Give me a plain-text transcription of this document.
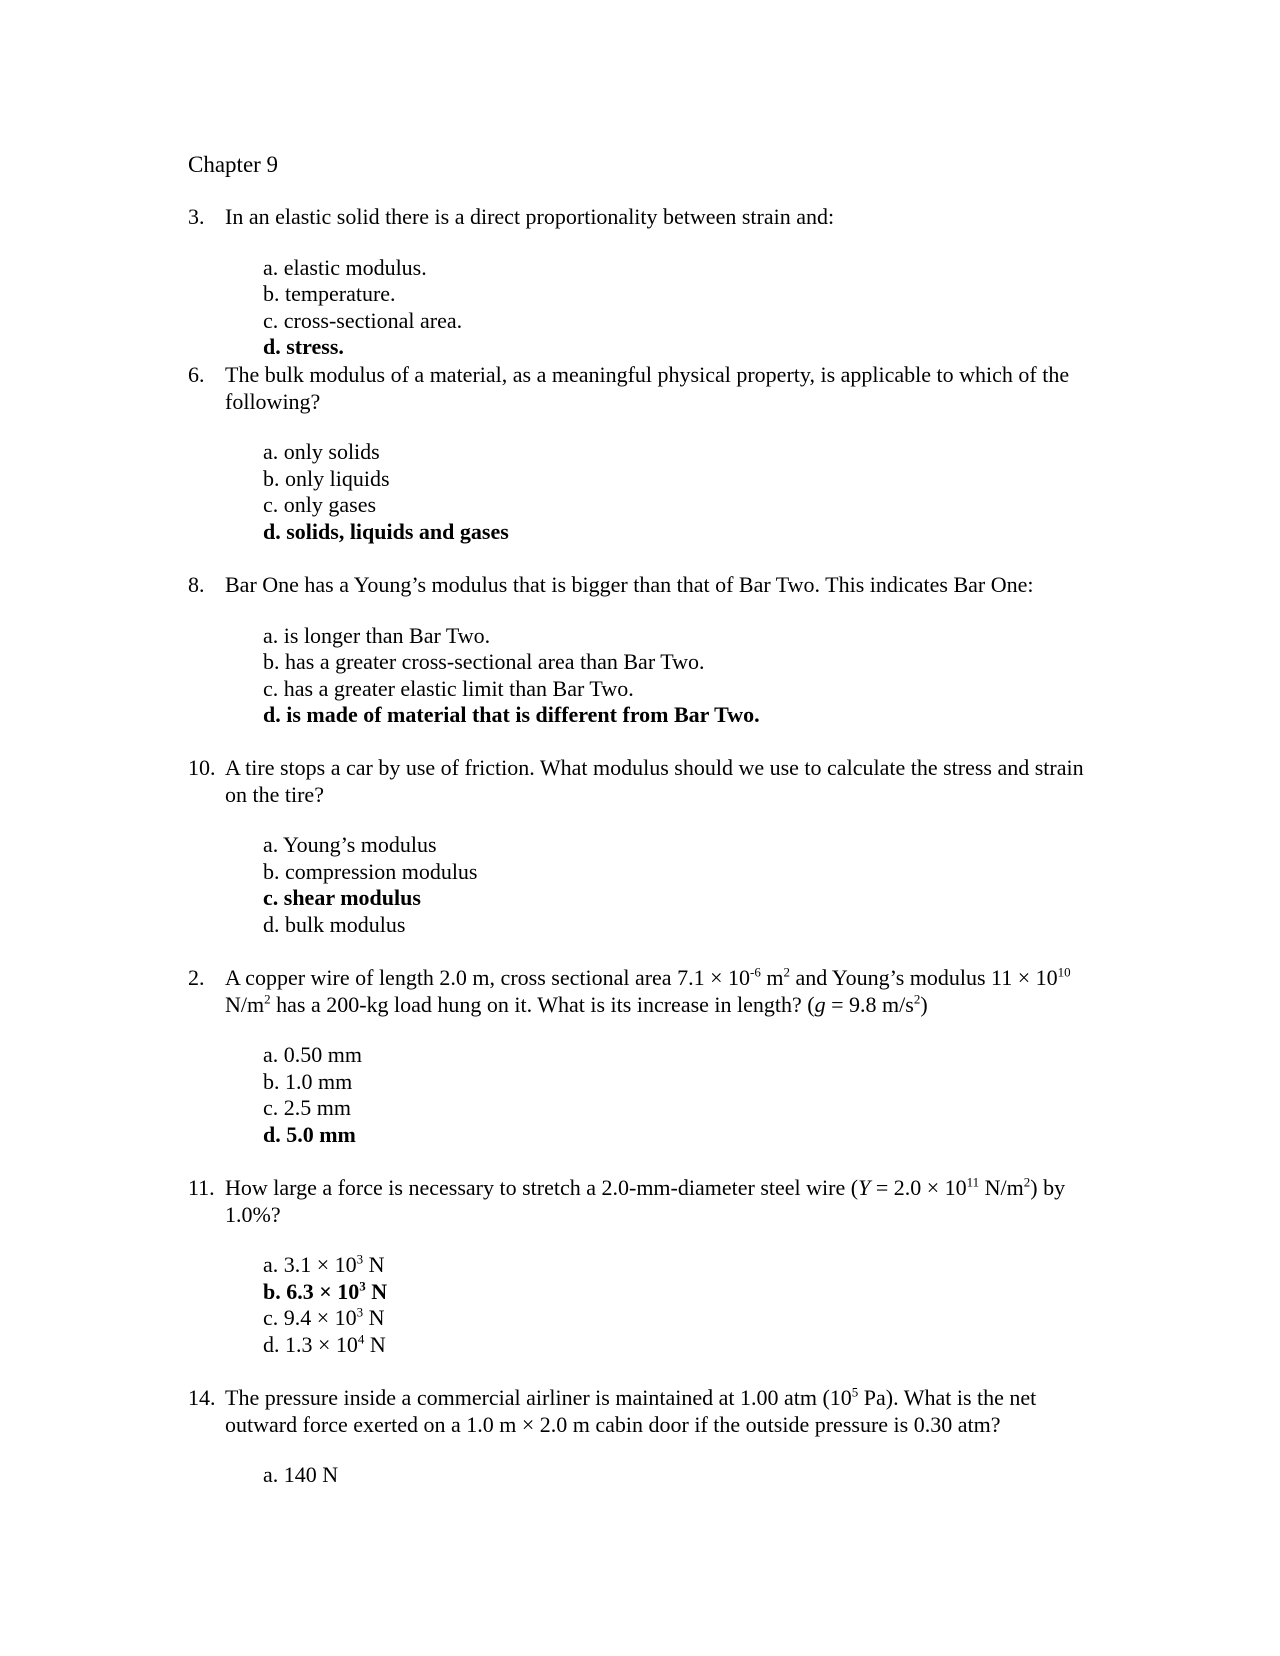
Chapter 9
3. In an elastic solid there is a direct proportionality between strain and:
a. elastic modulus.
b. temperature.
c. cross-sectional area.
d. stress.
6. The bulk modulus of a material, as a meaningful physical property, is applicable to which of the following?
a. only solids
b. only liquids
c. only gases
d. solids, liquids and gases
8. Bar One has a Young’s modulus that is bigger than that of Bar Two. This indicates Bar One:
a. is longer than Bar Two.
b. has a greater cross-sectional area than Bar Two.
c. has a greater elastic limit than Bar Two.
d. is made of material that is different from Bar Two.
10. A tire stops a car by use of friction. What modulus should we use to calculate the stress and strain on the tire?
a. Young’s modulus
b. compression modulus
c. shear modulus
d. bulk modulus
2. A copper wire of length 2.0 m, cross sectional area $7.1 \times 10^{-6}$ $m^2$ and Young’s modulus $11 \times 10^{10}$ $N/m^2$ has a 200-kg load hung on it. What is its increase in length? (g = 9.8 $m/s^2$)
a. 0.50 mm
b. 1.0 mm
c. 2.5 mm
d. 5.0 mm
11. How large a force is necessary to stretch a 2.0-mm-diameter steel wire ($Y = 2.0 \times 10^{11}$ $N/m^2$) by 1.0%?
a. $3.1 \times 10^3$ N
b. $6.3 \times 10^3$ N
c. $9.4 \times 10^3$ N
d. $1.3 \times 10^4$ N
14. The pressure inside a commercial airliner is maintained at 1.00 atm ($10^5$ Pa). What is the net outward force exerted on a 1.0 m × 2.0 m cabin door if the outside pressure is 0.30 atm?
a. 140 N
